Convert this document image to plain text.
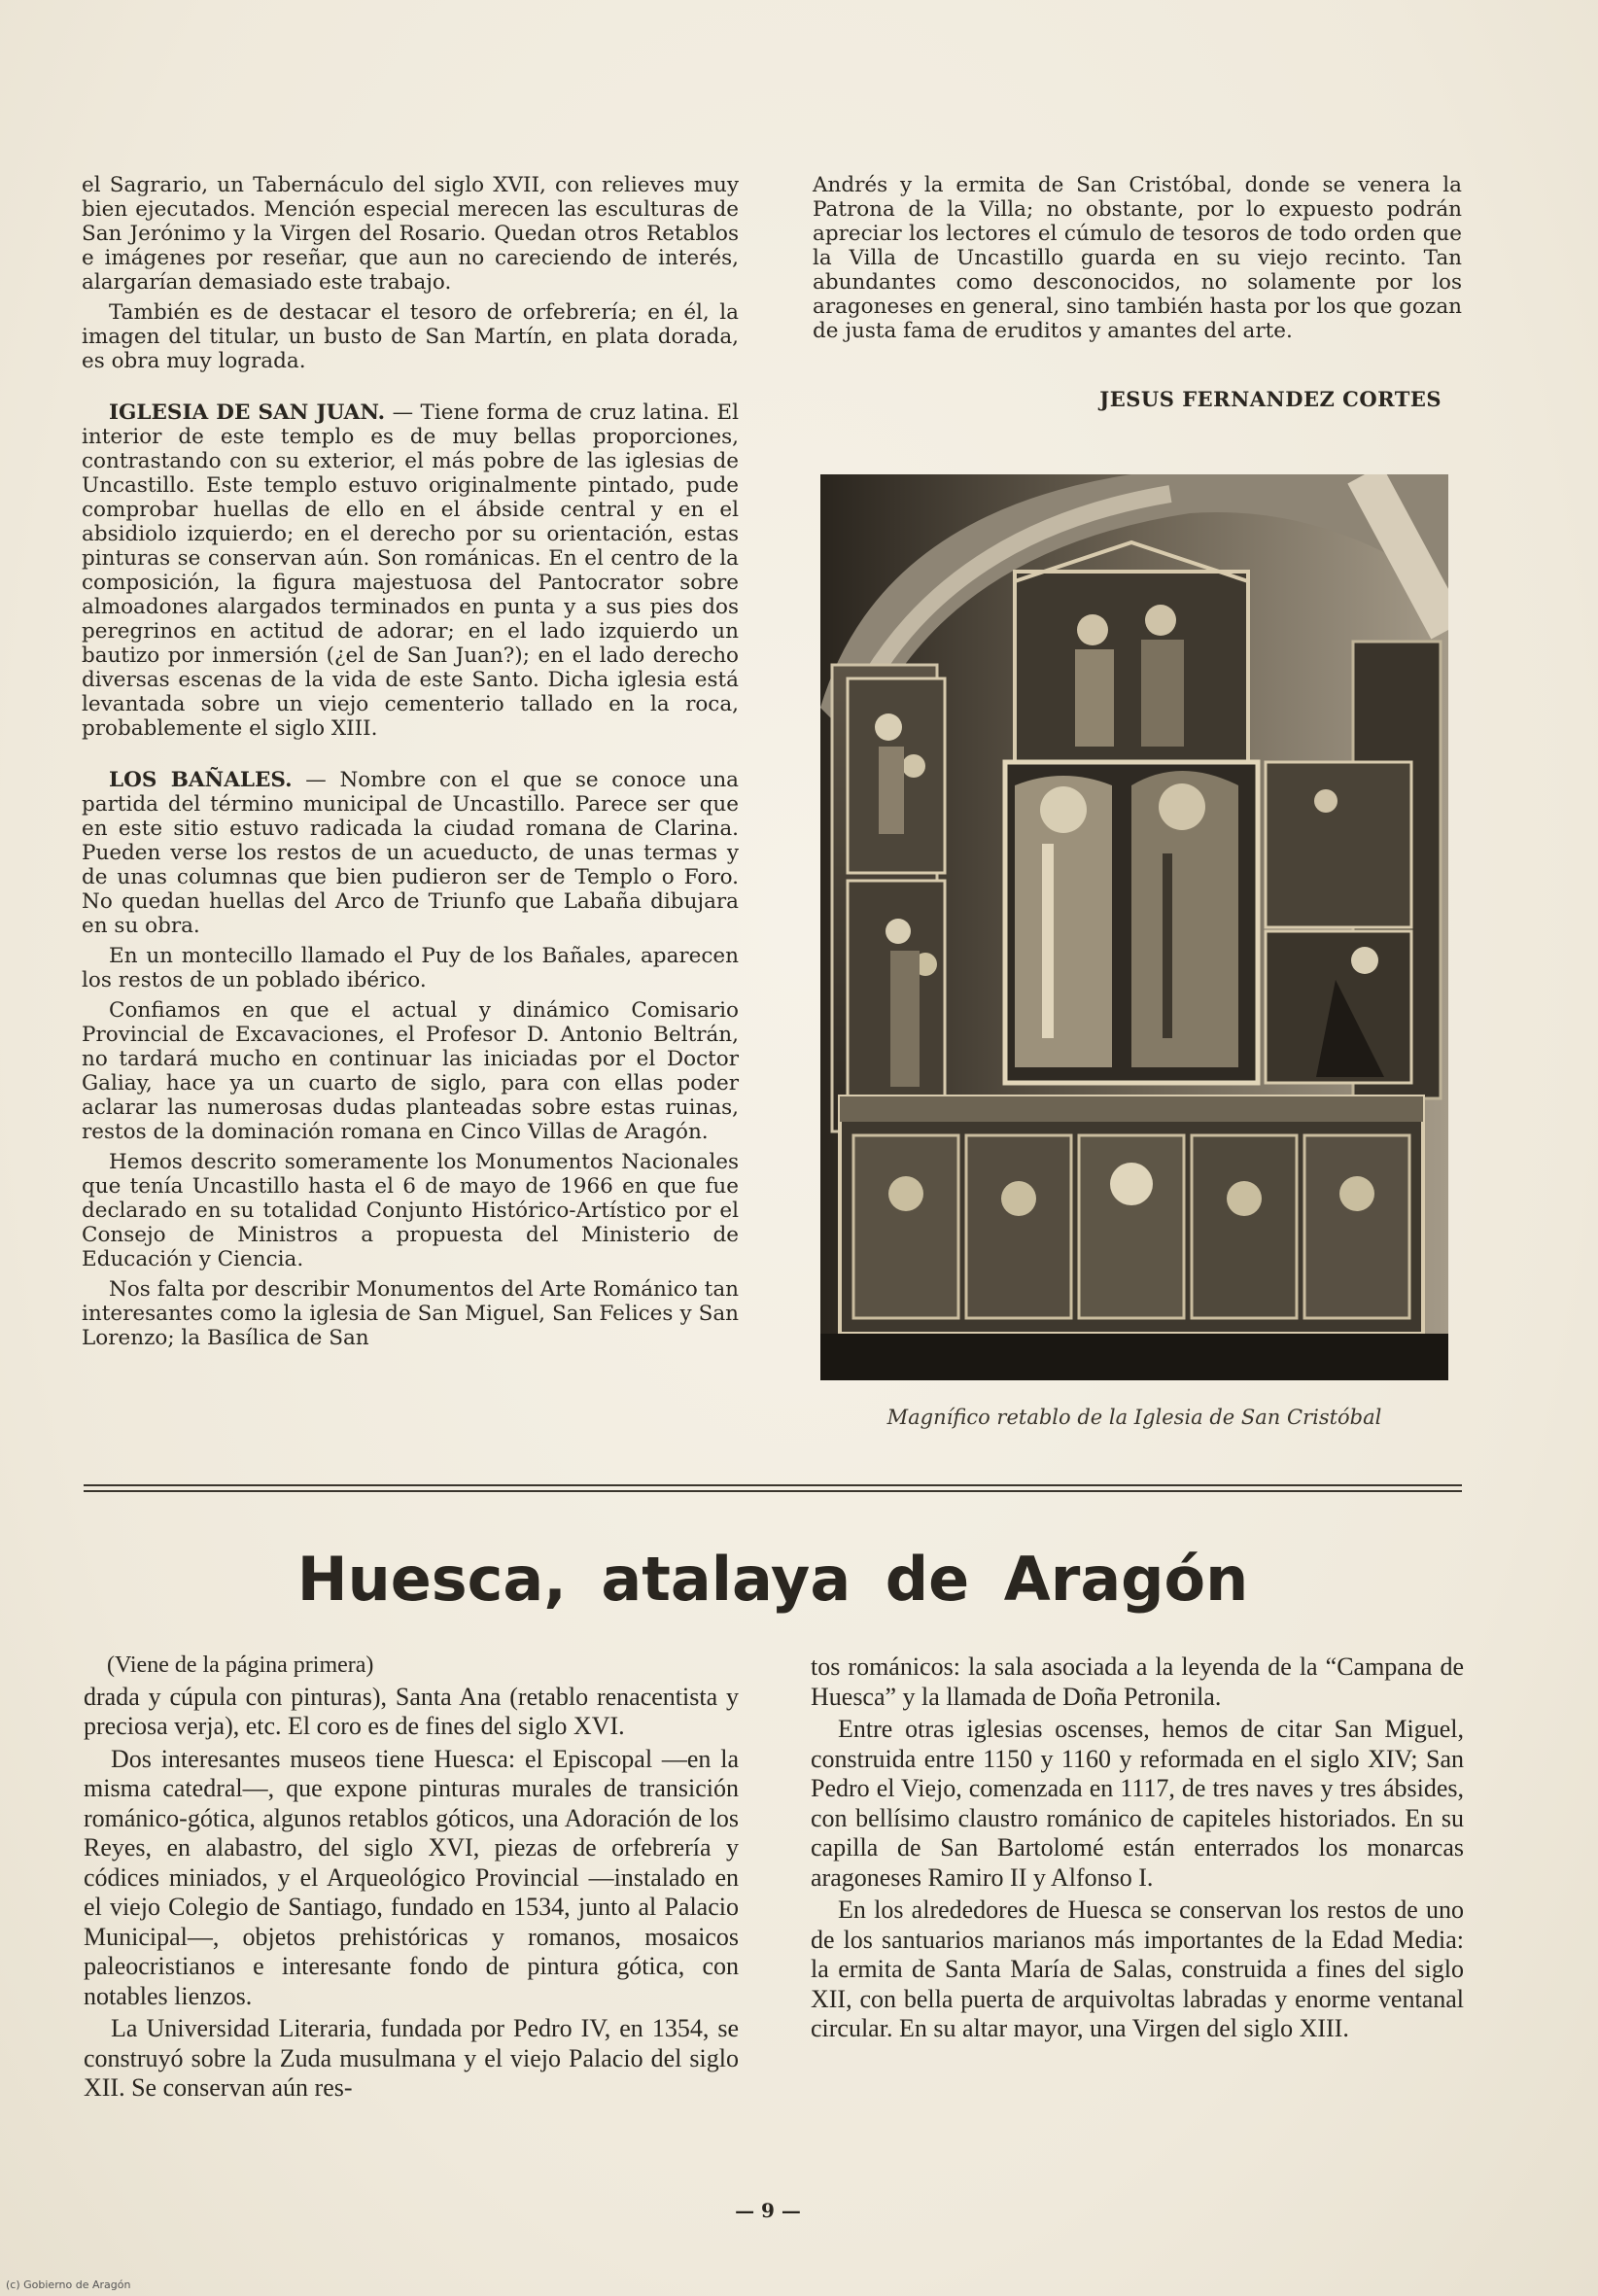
el Sagrario, un Tabernáculo del siglo XVII, con relieves muy bien ejecutados. Mención especial merecen las esculturas de San Jerónimo y la Virgen del Rosario. Quedan otros Retablos e imágenes por reseñar, que aun no careciendo de interés, alargarían demasiado este trabajo.

También es de destacar el tesoro de orfebrería; en él, la imagen del titular, un busto de San Martín, en plata dorada, es obra muy lograda.

IGLESIA DE SAN JUAN. — Tiene forma de cruz latina. El interior de este templo es de muy bellas proporciones, contrastando con su exterior, el más pobre de las iglesias de Uncastillo. Este templo estuvo originalmente pintado, pude comprobar huellas de ello en el ábside central y en el absidiolo izquierdo; en el derecho por su orientación, estas pinturas se conservan aún. Son románicas. En el centro de la composición, la figura majestuosa del Pantocrator sobre almoadones alargados terminados en punta y a sus pies dos peregrinos en actitud de adorar; en el lado izquierdo un bautizo por inmersión (¿el de San Juan?); en el lado derecho diversas escenas de la vida de este Santo. Dicha iglesia está levantada sobre un viejo cementerio tallado en la roca, probablemente el siglo XIII.

LOS BAÑALES. — Nombre con el que se conoce una partida del término municipal de Uncastillo. Parece ser que en este sitio estuvo radicada la ciudad romana de Clarina. Pueden verse los restos de un acueducto, de unas termas y de unas columnas que bien pudieron ser de Templo o Foro. No quedan huellas del Arco de Triunfo que Labaña dibujara en su obra.

En un montecillo llamado el Puy de los Bañales, aparecen los restos de un poblado ibérico.

Confiamos en que el actual y dinámico Comisario Provincial de Excavaciones, el Profesor D. Antonio Beltrán, no tardará mucho en continuar las iniciadas por el Doctor Galiay, hace ya un cuarto de siglo, para con ellas poder aclarar las numerosas dudas planteadas sobre estas ruinas, restos de la dominación romana en Cinco Villas de Aragón.

Hemos descrito someramente los Monumentos Nacionales que tenía Uncastillo hasta el 6 de mayo de 1966 en que fue declarado en su totalidad Conjunto Histórico-Artístico por el Consejo de Ministros a propuesta del Ministerio de Educación y Ciencia.

Nos falta por describir Monumentos del Arte Románico tan interesantes como la iglesia de San Miguel, San Felices y San Lorenzo; la Basílica de San

Andrés y la ermita de San Cristóbal, donde se venera la Patrona de la Villa; no obstante, por lo expuesto podrán apreciar los lectores el cúmulo de tesoros de todo orden que la Villa de Uncastillo guarda en su viejo recinto. Tan abundantes como desconocidos, no solamente por los aragoneses en general, sino también hasta por los que gozan de justa fama de eruditos y amantes del arte.

JESUS FERNANDEZ CORTES
Magnífico retablo de la Iglesia de San Cristóbal
Huesca, atalaya de Aragón

(Viene de la página primera)

drada y cúpula con pinturas), Santa Ana (retablo renacentista y preciosa verja), etc. El coro es de fines del siglo XVI.

Dos interesantes museos tiene Huesca: el Episcopal —en la misma catedral—, que expone pinturas murales de transición románico-gótica, algunos retablos góticos, una Adoración de los Reyes, en alabastro, del siglo XVI, piezas de orfebrería y códices miniados, y el Arqueológico Provincial —instalado en el viejo Colegio de Santiago, fundado en 1534, junto al Palacio Municipal—, objetos prehistóricas y romanos, mosaicos paleocristianos e interesante fondo de pintura gótica, con notables lienzos.

La Universidad Literaria, fundada por Pedro IV, en 1354, se construyó sobre la Zuda musulmana y el viejo Palacio del siglo XII. Se conservan aún res-

tos románicos: la sala asociada a la leyenda de la “Campana de Huesca” y la llamada de Doña Petronila.

Entre otras iglesias oscenses, hemos de citar San Miguel, construida entre 1150 y 1160 y reformada en el siglo XIV; San Pedro el Viejo, comenzada en 1117, de tres naves y tres ábsides, con bellísimo claustro románico de capiteles historiados. En su capilla de San Bartolomé están enterrados los monarcas aragoneses Ramiro II y Alfonso I.

En los alrededores de Huesca se conservan los restos de uno de los santuarios marianos más importantes de la Edad Media: la ermita de Santa María de Salas, construida a fines del siglo XII, con bella puerta de arquivoltas labradas y enorme ventanal circular. En su altar mayor, una Virgen del siglo XIII.

— 9 —
(c) Gobierno de Aragón
